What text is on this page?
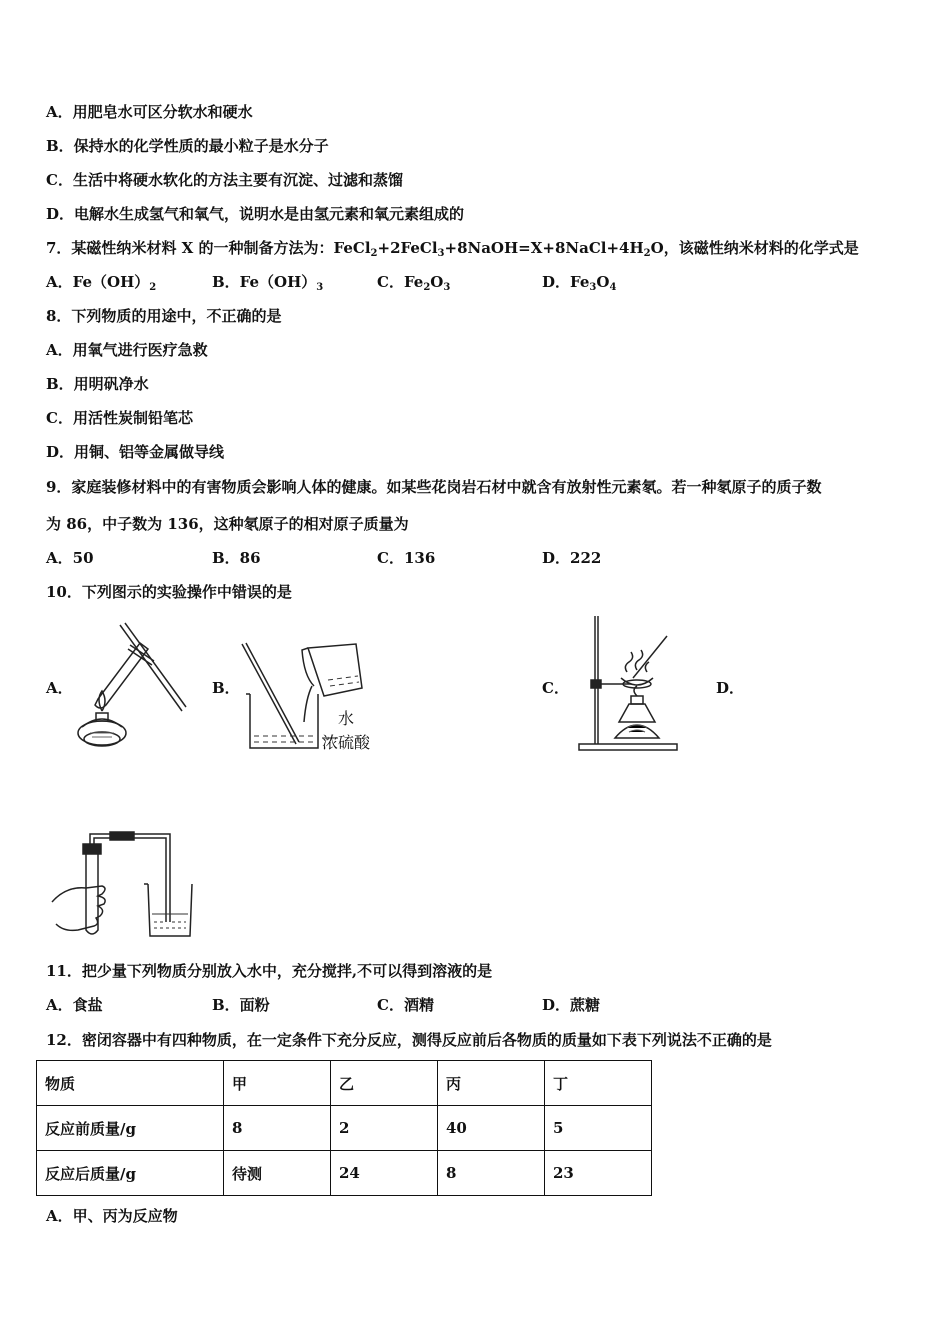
A．用肥皂水可区分软水和硬水
B．保持水的化学性质的最小粒子是水分子
C．生活中将硬水软化的方法主要有沉淀、过滤和蒸馏
D．电解水生成氢气和氧气，说明水是由氢元素和氧元素组成的
7．某磁性纳米材料 X 的一种制备方法为：$FeCl_2+2FeCl_3+8NaOH=X+8NaCl+4H_2O$，该磁性纳米材料的化学式是
A．$Fe(OH)_2$	B．$Fe(OH)_3$	C．$Fe_2O_3$	D．$Fe_3O_4$
8．下列物质的用途中，不正确的是
A．用氧气进行医疗急救
B．用明矾净水
C．用活性炭制铅笔芯
D．用铜、铝等金属做导线
9．家庭装修材料中的有害物质会影响人体的健康。如某些花岗岩石材中就含有放射性元素氡。若一种氡原子的质子数
为 86，中子数为 136，这种氡原子的相对原子质量为
A．50	B．86	C．136	D．222
10．下列图示的实验操作中错误的是
A．	B．	C．	D．
水
浓硫酸
11．把少量下列物质分别放入水中，充分搅拌,不可以得到溶液的是
A．食盐	B．面粉	C．酒精	D．蔗糖
12．密闭容器中有四种物质，在一定条件下充分反应，测得反应前后各物质的质量如下表下列说法不正确的是
物质	甲	乙	丙	丁
反应前质量/g	8	2	40	5
反应后质量/g	待测	24	8	23
A．甲、丙为反应物
